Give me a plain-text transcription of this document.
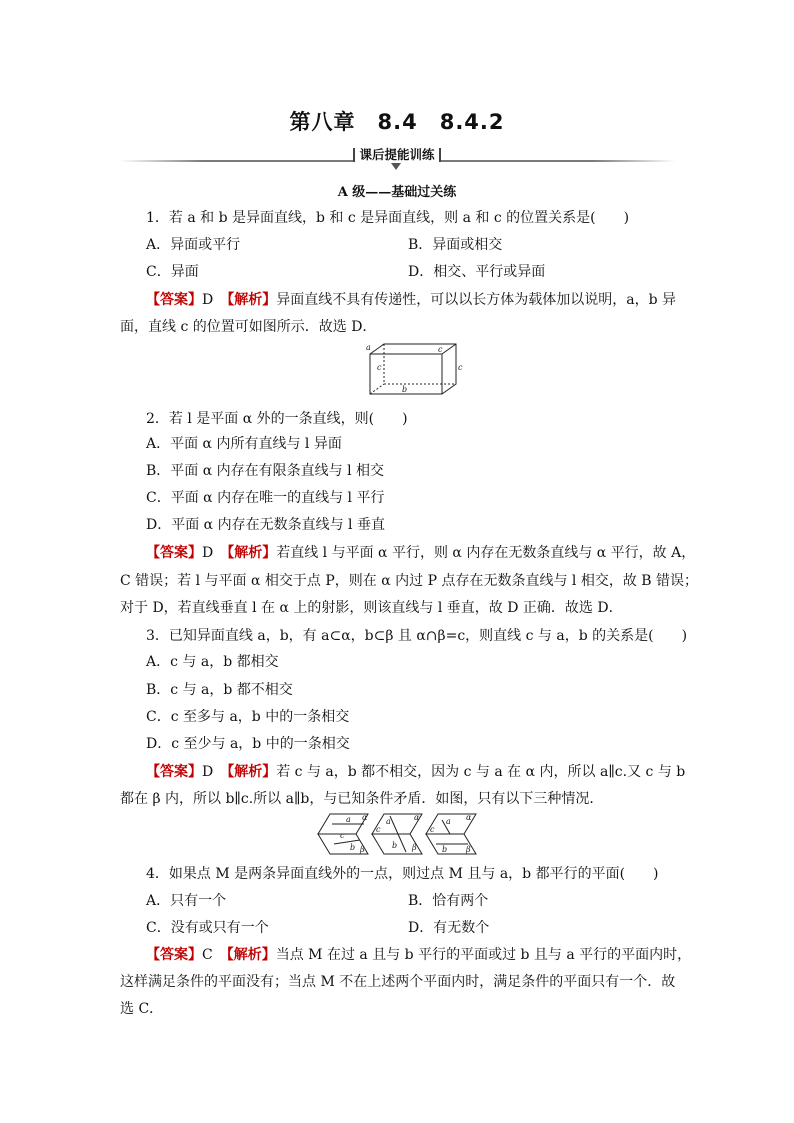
第八章　8.4　8.4.2
课后提能训练
A 级——基础过关练
1．若 a 和 b 是异面直线，b 和 c 是异面直线，则 a 和 c 的位置关系是(　　)
A．异面或平行	B．异面或相交
C．异面	D．相交、平行或异面
【答案】D　 【解析】异面直线不具有传递性，可以以长方体为载体加以说明，a，b 异
面，直线 c 的位置可如图所示．故选 D．
a	c
c	c
b
2．若 l 是平面 α 外的一条直线，则(　　)
A．平面 α 内所有直线与 l 异面
B．平面 α 内存在有限条直线与 l 相交
C．平面 α 内存在唯一的直线与 l 平行
D．平面 α 内存在无数条直线与 l 垂直
【答案】D　 【解析】若直线 l 与平面 α 平行，则 α 内存在无数条直线与 α 平行，故 A，
C 错误；若 l 与平面 α 相交于点 P，则在 α 内过 P 点存在无数条直线与 l 相交，故 B 错误；
对于 D，若直线垂直 l 在 α 上的射影，则该直线与 l 垂直，故 D 正确．故选 D．
3．已知异面直线 a，b，有 a⊂α，b⊂β 且 α∩β=c，则直线 c 与 a，b 的关系是(　　)
A．c 与 a，b 都相交
B．c 与 a，b 都不相交
C．c 至多与 a，b 中的一条相交
D．c 至少与 a，b 中的一条相交
【答案】D　 【解析】若 c 与 a，b 都不相交，因为 c 与 a 在 α 内，所以 a∥c.又 c 与 b
都在 β 内，所以 b∥c.所以 a∥b，与已知条件矛盾．如图，只有以下三种情况．
a α
c
b β
a	α
c
b β
a α
c
b β
4．如果点 M 是两条异面直线外的一点，则过点 M 且与 a，b 都平行的平面(　　)
A．只有一个	B．恰有两个
C．没有或只有一个	D．有无数个
【答案】C　 【解析】当点 M 在过 a 且与 b 平行的平面或过 b 且与 a 平行的平面内时，
这样满足条件的平面没有；当点 M 不在上述两个平面内时，满足条件的平面只有一个．故
选 C．
